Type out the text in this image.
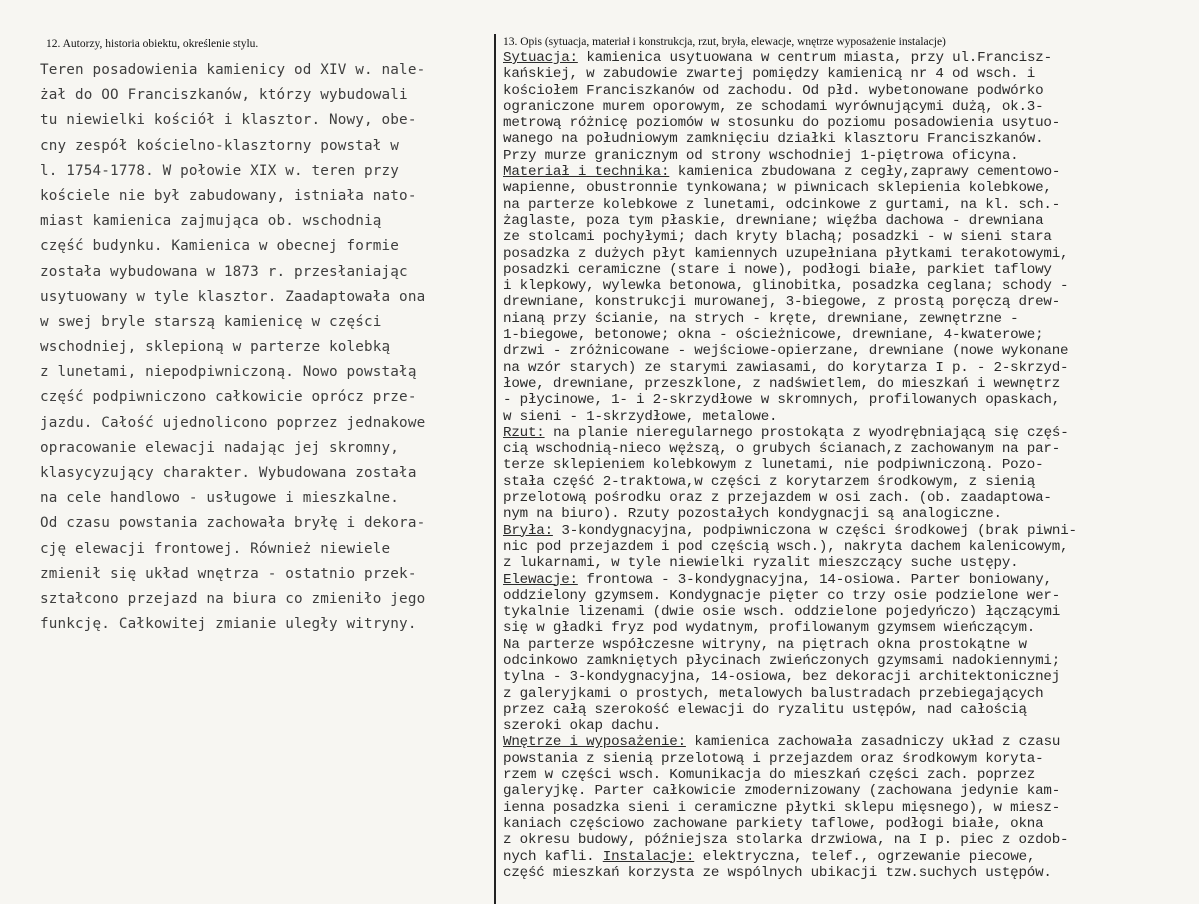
12. Autorzy, historia obiektu, określenie stylu.
Teren posadowienia kamienicy od XIV w. nale-
żał do OO Franciszkanów, którzy wybudowali
tu niewielki kościół i klasztor. Nowy, obe-
cny zespół kościelno-klasztorny powstał w
l. 1754-1778. W połowie XIX w. teren przy
kościele nie był zabudowany, istniała nato-
miast kamienica zajmująca ob. wschodnią
część budynku. Kamienica w obecnej formie
została wybudowana w 1873 r. przesłaniając
usytuowany w tyle klasztor. Zaadaptowała ona
w swej bryle starszą kamienicę w części
wschodniej, sklepioną w parterze kolebką
z lunetami, niepodpiwniczoną. Nowo powstałą
część podpiwniczono całkowicie oprócz prze-
jazdu. Całość ujednolicono poprzez jednakowe
opracowanie elewacji nadając jej skromny,
klasycyzujący charakter. Wybudowana została
na cele handlowo - usługowe i mieszkalne.
Od czasu powstania zachowała bryłę i dekora-
cję elewacji frontowej. Również niewiele
zmienił się układ wnętrza - ostatnio przek-
ształcono przejazd na biura co zmieniło jego
funkcję. Całkowitej zmianie uległy witryny.
13. Opis (sytuacja, materiał i konstrukcja, rzut, bryła, elewacje, wnętrze wyposażenie instalacje)
Sytuacja: kamienica usytuowana w centrum miasta, przy ul.Francisz-
kańskiej, w zabudowie zwartej pomiędzy kamienicą nr 4 od wsch. i
kościołem Franciszkanów od zachodu. Od płd. wybetonowane podwórko
ograniczone murem oporowym, ze schodami wyrównującymi dużą, ok.3-
metrową różnicę poziomów w stosunku do poziomu posadowienia usytuo-
wanego na południowym zamknięciu działki klasztoru Franciszkanów.
Przy murze granicznym od strony wschodniej 1-piętrowa oficyna.
Materiał i technika: kamienica zbudowana z cegły,zaprawy cementowo-
wapienne, obustronnie tynkowana; w piwnicach sklepienia kolebkowe,
na parterze kolebkowe z lunetami, odcinkowe z gurtami, na kl. sch.-
żaglaste, poza tym płaskie, drewniane; więźba dachowa - drewniana
ze stolcami pochyłymi; dach kryty blachą; posadzki - w sieni stara
posadzka z dużych płyt kamiennych uzupełniana płytkami terakotowymi,
posadzki ceramiczne (stare i nowe), podłogi białe, parkiet taflowy
i klepkowy, wylewka betonowa, glinobitka, posadzka ceglana; schody -
drewniane, konstrukcji murowanej, 3-biegowe, z prostą poręczą drew-
nianą przy ścianie, na strych - kręte, drewniane, zewnętrzne -
1-biegowe, betonowe; okna - ościeżnicowe, drewniane, 4-kwaterowe;
drzwi - zróżnicowane - wejściowe-opierzane, drewniane (nowe wykonane
na wzór starych) ze starymi zawiasami, do korytarza I p. - 2-skrzyd-
łowe, drewniane, przeszklone, z nadświetlem, do mieszkań i wewnętrz
- płycinowe, 1- i 2-skrzydłowe w skromnych, profilowanych opaskach,
w sieni - 1-skrzydłowe, metalowe.
Rzut: na planie nieregularnego prostokąta z wyodrębniającą się częś-
cią wschodnią-nieco węższą, o grubych ścianach,z zachowanym na par-
terze sklepieniem kolebkowym z lunetami, nie podpiwniczoną. Pozo-
stała część 2-traktowa,w części z korytarzem środkowym, z sienią
przelotową pośrodku oraz z przejazdem w osi zach. (ob. zaadaptowa-
nym na biuro). Rzuty pozostałych kondygnacji są analogiczne.
Bryła: 3-kondygnacyjna, podpiwniczona w części środkowej (brak piwni-
nic pod przejazdem i pod częścią wsch.), nakryta dachem kalenicowym,
z lukarnami, w tyle niewielki ryzalit mieszczący suche ustępy.
Elewacje: frontowa - 3-kondygnacyjna, 14-osiowa. Parter boniowany,
oddzielony gzymsem. Kondygnacje pięter co trzy osie podzielone wer-
tykalnie lizenami (dwie osie wsch. oddzielone pojedyńczo) łączącymi
się w gładki fryz pod wydatnym, profilowanym gzymsem wieńczącym.
Na parterze współczesne witryny, na piętrach okna prostokątne w
odcinkowo zamkniętych płycinach zwieńczonych gzymsami nadokiennymi;
tylna - 3-kondygnacyjna, 14-osiowa, bez dekoracji architektonicznej
z galeryjkami o prostych, metalowych balustradach przebiegających
przez całą szerokość elewacji do ryzalitu ustępów, nad całością
szeroki okap dachu.
Wnętrze i wyposażenie: kamienica zachowała zasadniczy układ z czasu
powstania z sienią przelotową i przejazdem oraz środkowym koryta-
rzem w części wsch. Komunikacja do mieszkań części zach. poprzez
galeryjkę. Parter całkowicie zmodernizowany (zachowana jedynie kam-
ienna posadzka sieni i ceramiczne płytki sklepu mięsnego), w miesz-
kaniach częściowo zachowane parkiety taflowe, podłogi białe, okna
z okresu budowy, późniejsza stolarka drzwiowa, na I p. piec z ozdob-
nych kafli. Instalacje: elektryczna, telef., ogrzewanie piecowe,
część mieszkań korzysta ze wspólnych ubikacji tzw.suchych ustępów.
